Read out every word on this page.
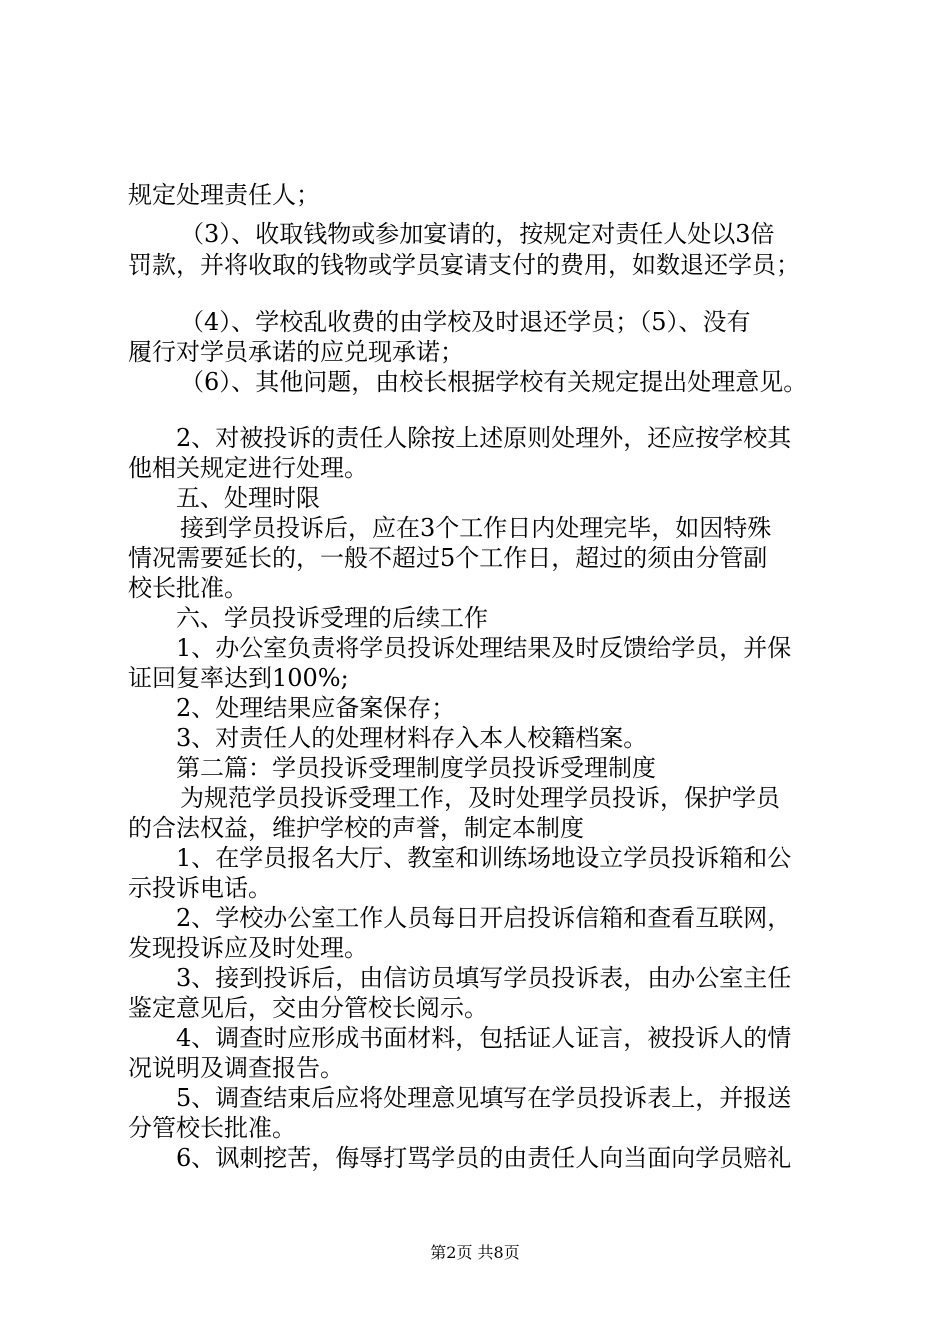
规定处理责任人；
（3）、收取钱物或参加宴请的，按规定对责任人处以3倍
罚款，并将收取的钱物或学员宴请支付的费用，如数退还学员；
（4）、学校乱收费的由学校及时退还学员；（5）、没有
履行对学员承诺的应兑现承诺；
（6）、其他问题，由校长根据学校有关规定提出处理意见。
2、对被投诉的责任人除按上述原则处理外，还应按学校其
他相关规定进行处理。
五、处理时限
接到学员投诉后，应在3个工作日内处理完毕，如因特殊
情况需要延长的，一般不超过5个工作日，超过的须由分管副
校长批准。
六、学员投诉受理的后续工作
1、办公室负责将学员投诉处理结果及时反馈给学员，并保
证回复率达到100%;
2、处理结果应备案保存；
3、对责任人的处理材料存入本人校籍档案。
第二篇：学员投诉受理制度学员投诉受理制度
为规范学员投诉受理工作，及时处理学员投诉，保护学员
的合法权益，维护学校的声誉，制定本制度
1、在学员报名大厅、教室和训练场地设立学员投诉箱和公
示投诉电话。
2、学校办公室工作人员每日开启投诉信箱和查看互联网，
发现投诉应及时处理。
3、接到投诉后，由信访员填写学员投诉表，由办公室主任
鉴定意见后，交由分管校长阅示。
4、调查时应形成书面材料，包括证人证言，被投诉人的情
况说明及调查报告。
5、调查结束后应将处理意见填写在学员投诉表上，并报送
分管校长批准。
6、讽刺挖苦，侮辱打骂学员的由责任人向当面向学员赔礼
第2页 共8页
